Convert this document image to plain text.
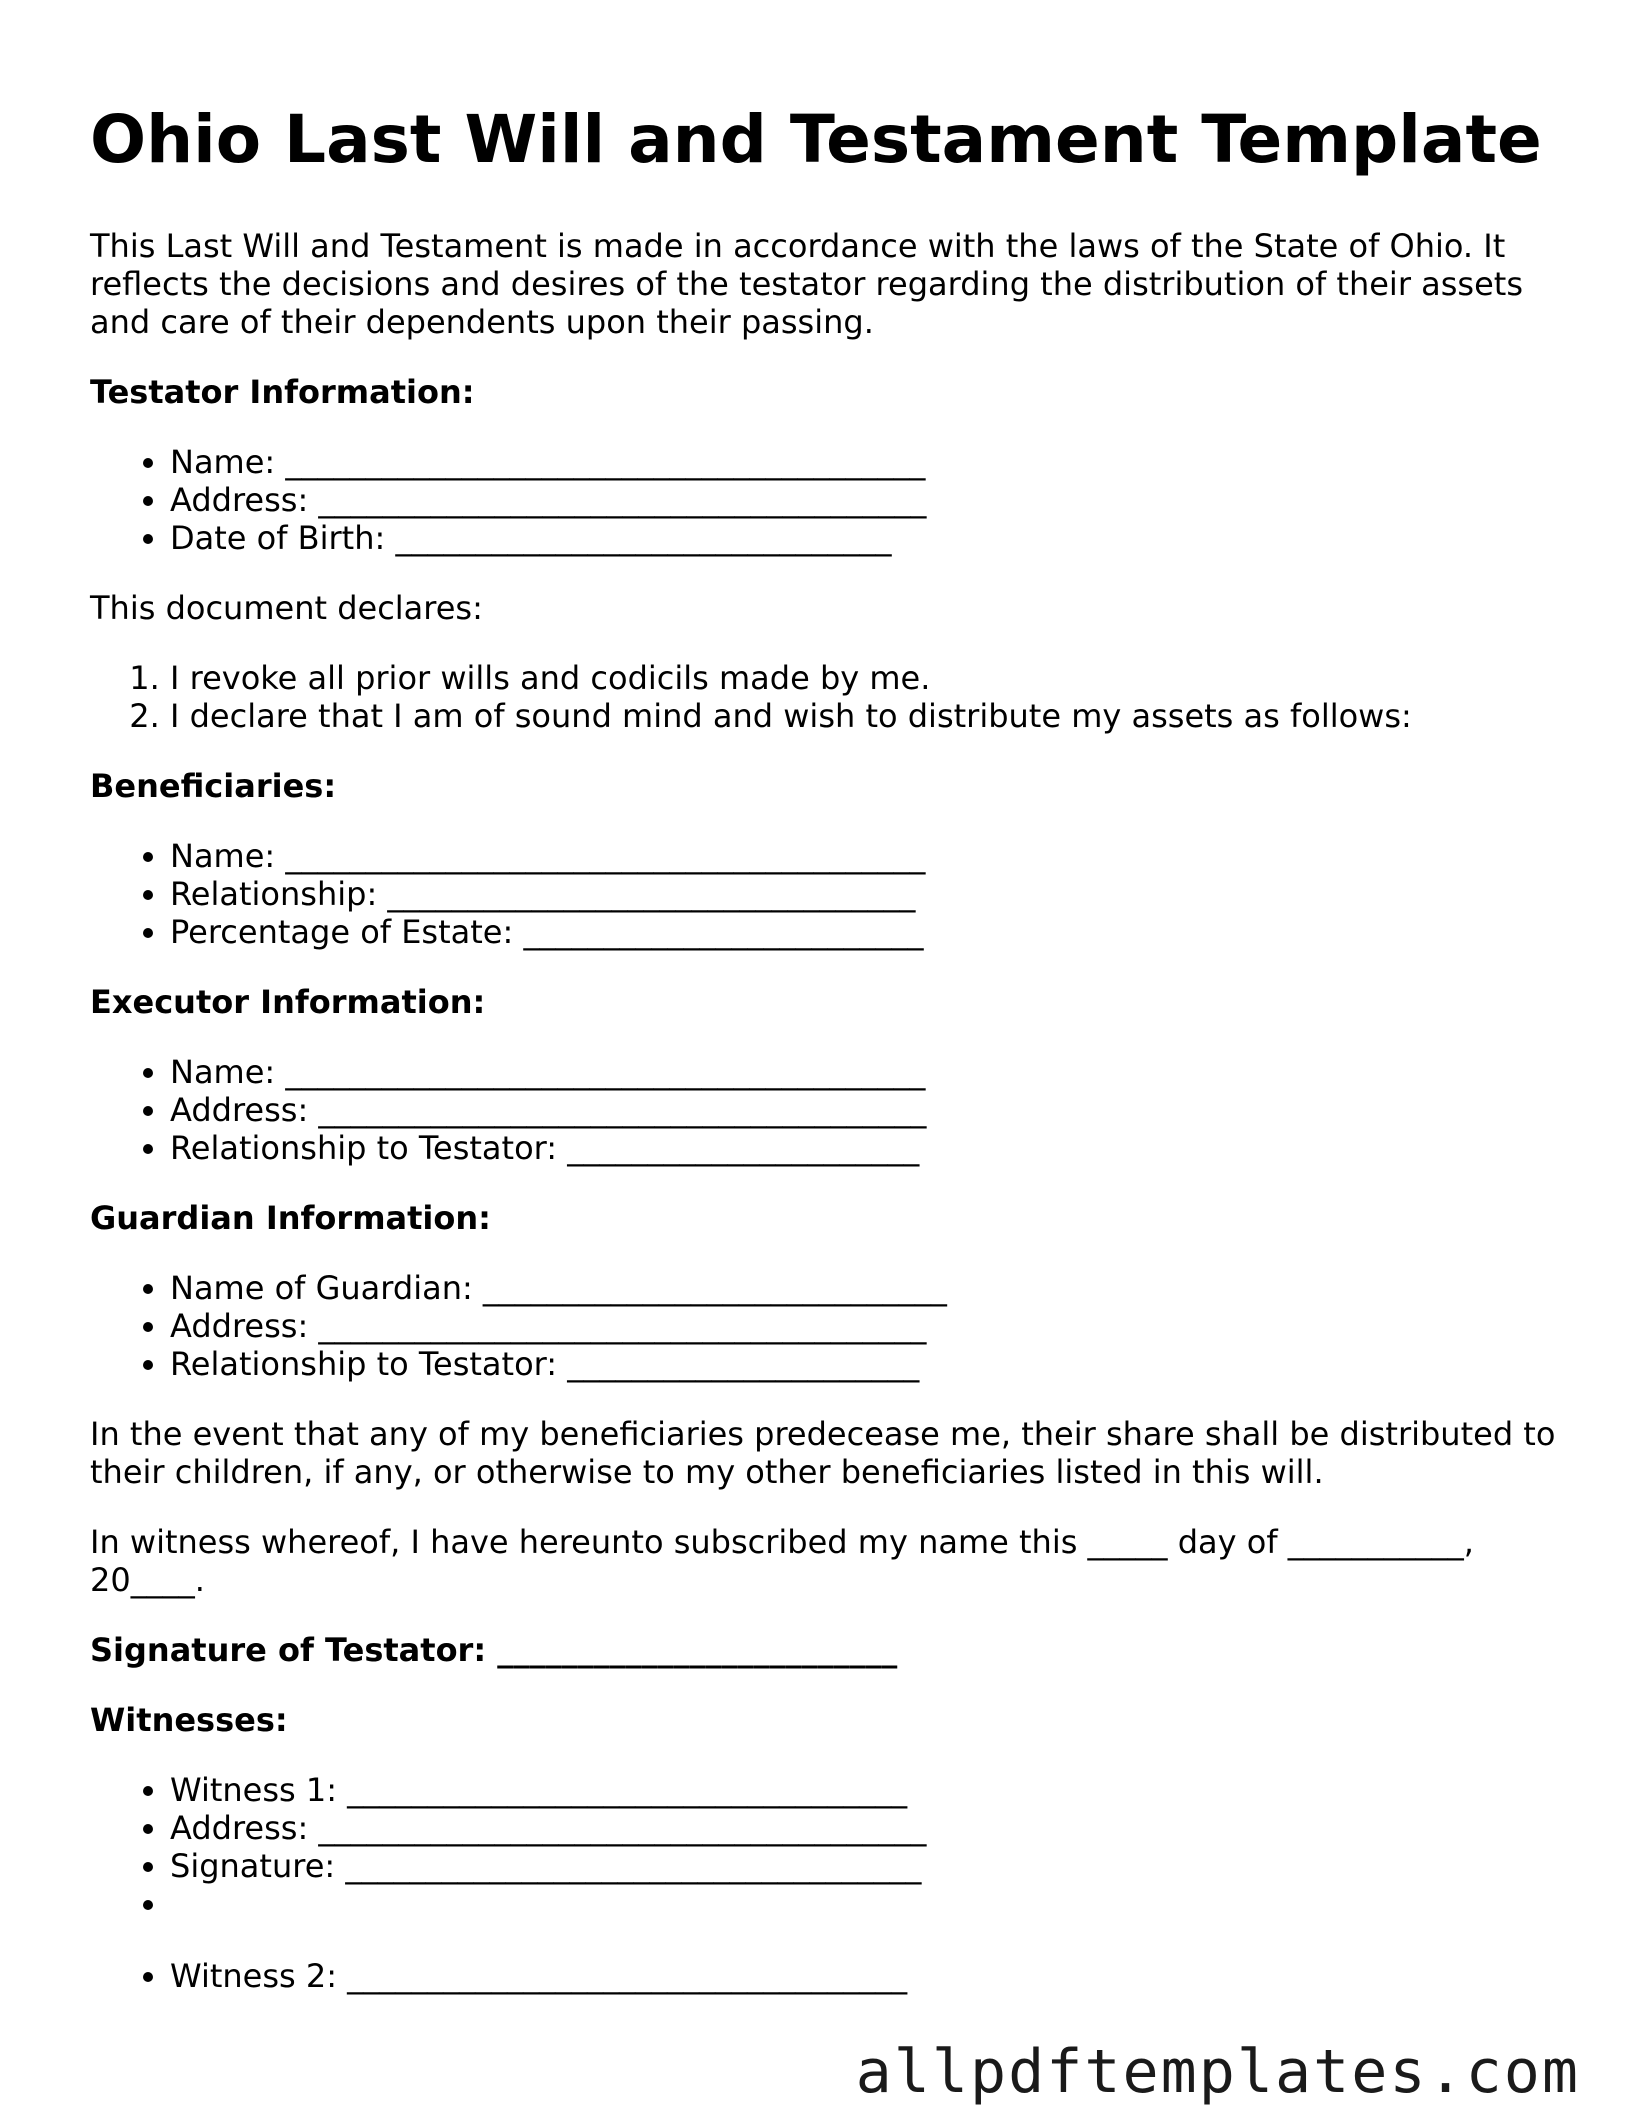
Ohio Last Will and Testament Template

This Last Will and Testament is made in accordance with the laws of the State of Ohio. It reflects the decisions and desires of the testator regarding the distribution of their assets and care of their dependents upon their passing.

Testator Information:

• Name: ________________________________________
• Address: ______________________________________
• Date of Birth: _______________________________

This document declares:

1. I revoke all prior wills and codicils made by me.
2. I declare that I am of sound mind and wish to distribute my assets as follows:

Beneficiaries:

• Name: ________________________________________
• Relationship: _________________________________
• Percentage of Estate: _________________________

Executor Information:

• Name: ________________________________________
• Address: ______________________________________
• Relationship to Testator: ______________________

Guardian Information:

• Name of Guardian: _____________________________
• Address: ______________________________________
• Relationship to Testator: ______________________

In the event that any of my beneficiaries predecease me, their share shall be distributed to their children, if any, or otherwise to my other beneficiaries listed in this will.

In witness whereof, I have hereunto subscribed my name this _____ day of ___________, 20____.

Signature of Testator: _________________________

Witnesses:

• Witness 1: ___________________________________
• Address: ______________________________________
• Signature: ____________________________________
•
• Witness 2: ___________________________________
allpdftemplates.com
